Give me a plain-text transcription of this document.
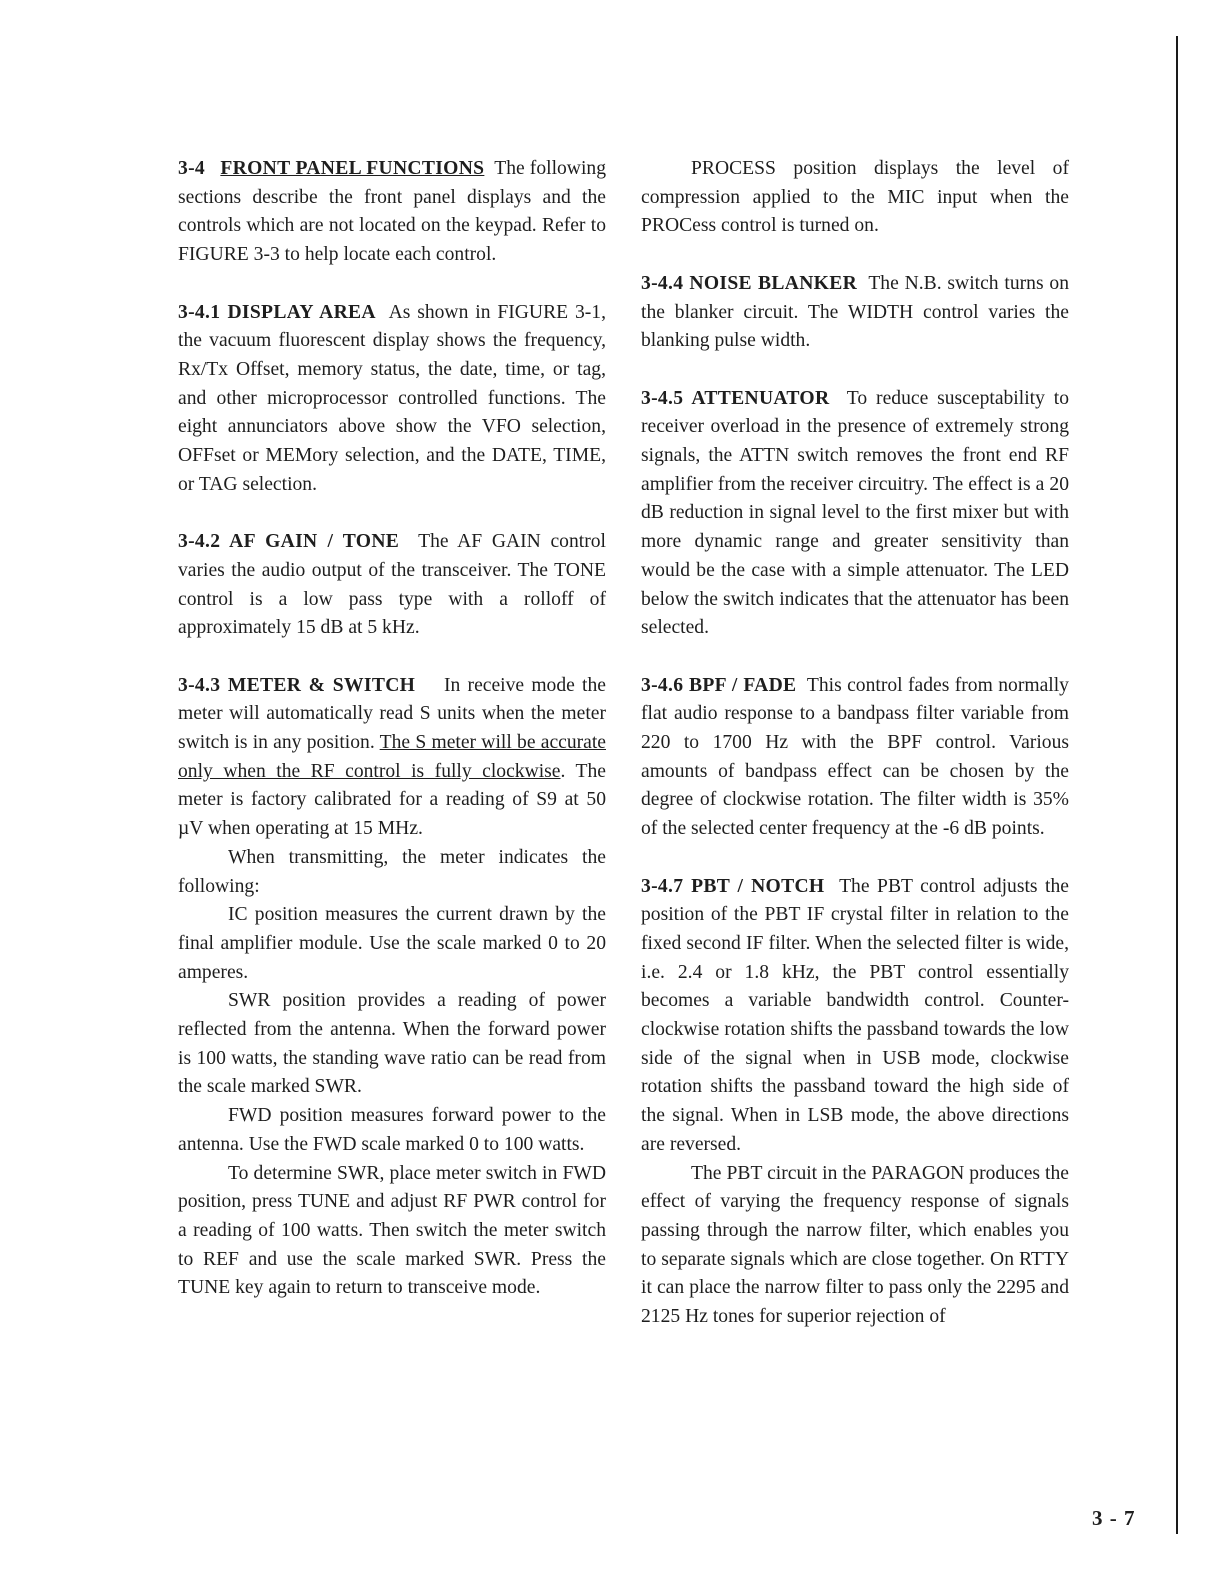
3-4 FRONT PANEL FUNCTIONS The following sections describe the front panel displays and the controls which are not located on the keypad. Refer to FIGURE 3-3 to help locate each control.

3-4.1 DISPLAY AREA As shown in FIGURE 3-1, the vacuum fluorescent display shows the frequency, Rx/Tx Offset, memory status, the date, time, or tag, and other microprocessor controlled functions. The eight annunciators above show the VFO selection, OFFset or MEMory selection, and the DATE, TIME, or TAG selection.

3-4.2 AF GAIN / TONE The AF GAIN control varies the audio output of the transceiver. The TONE control is a low pass type with a rolloff of approximately 15 dB at 5 kHz.

3-4.3 METER & SWITCH In receive mode the meter will automatically read S units when the meter switch is in any position. The S meter will be accurate only when the RF control is fully clockwise. The meter is factory calibrated for a reading of S9 at 50 µV when operating at 15 MHz.

When transmitting, the meter indicates the following:

IC position measures the current drawn by the final amplifier module. Use the scale marked 0 to 20 amperes.

SWR position provides a reading of power reflected from the antenna. When the forward power is 100 watts, the standing wave ratio can be read from the scale marked SWR.

FWD position measures forward power to the antenna. Use the FWD scale marked 0 to 100 watts.

To determine SWR, place meter switch in FWD position, press TUNE and adjust RF PWR control for a reading of 100 watts. Then switch the meter switch to REF and use the scale marked SWR. Press the TUNE key again to return to transceive mode.

PROCESS position displays the level of compression applied to the MIC input when the PROCess control is turned on.

3-4.4 NOISE BLANKER The N.B. switch turns on the blanker circuit. The WIDTH control varies the blanking pulse width.

3-4.5 ATTENUATOR To reduce susceptability to receiver overload in the presence of extremely strong signals, the ATTN switch removes the front end RF amplifier from the receiver circuitry. The effect is a 20 dB reduction in signal level to the first mixer but with more dynamic range and greater sensitivity than would be the case with a simple attenuator. The LED below the switch indicates that the attenuator has been selected.

3-4.6 BPF / FADE This control fades from normally flat audio response to a bandpass filter variable from 220 to 1700 Hz with the BPF control. Various amounts of bandpass effect can be chosen by the degree of clockwise rotation. The filter width is 35% of the selected center frequency at the -6 dB points.

3-4.7 PBT / NOTCH The PBT control adjusts the position of the PBT IF crystal filter in relation to the fixed second IF filter. When the selected filter is wide, i.e. 2.4 or 1.8 kHz, the PBT control essentially becomes a variable bandwidth control. Counter-clockwise rotation shifts the passband towards the low side of the signal when in USB mode, clockwise rotation shifts the passband toward the high side of the signal. When in LSB mode, the above directions are reversed.

The PBT circuit in the PARAGON produces the effect of varying the frequency response of signals passing through the narrow filter, which enables you to separate signals which are close together. On RTTY it can place the narrow filter to pass only the 2295 and 2125 Hz tones for superior rejection of

3 - 7
